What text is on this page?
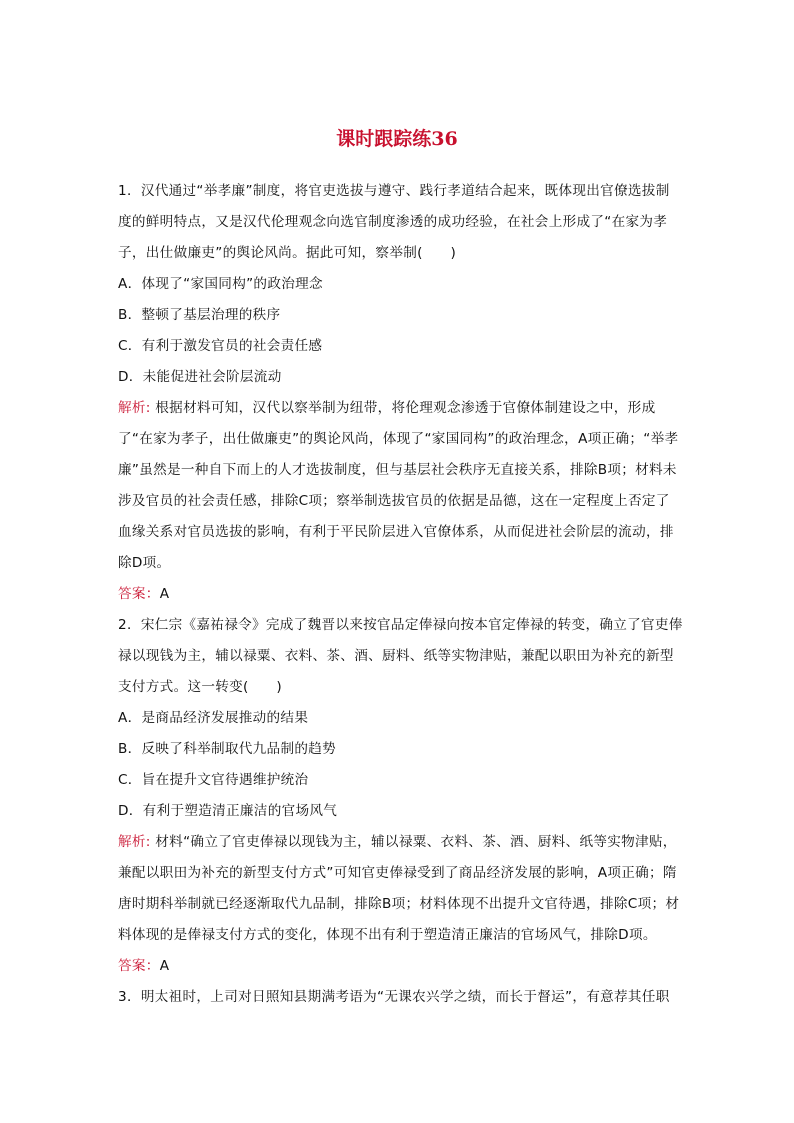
课时跟踪练36

1．汉代通过“举孝廉”制度，将官吏选拔与遵守、践行孝道结合起来，既体现出官僚选拔制度的鲜明特点，又是汉代伦理观念向选官制度渗透的成功经验，在社会上形成了“在家为孝子，出仕做廉吏”的舆论风尚。据此可知，察举制(　　)

A．体现了“家国同构”的政治理念

B．整顿了基层治理的秩序

C．有利于激发官员的社会责任感

D．未能促进社会阶层流动

解析: 根据材料可知，汉代以察举制为纽带，将伦理观念渗透于官僚体制建设之中，形成了“在家为孝子，出仕做廉吏”的舆论风尚，体现了“家国同构”的政治理念，A项正确；“举孝廉”虽然是一种自下而上的人才选拔制度，但与基层社会秩序无直接关系，排除B项；材料未涉及官员的社会责任感，排除C项；察举制选拔官员的依据是品德，这在一定程度上否定了血缘关系对官员选拔的影响，有利于平民阶层进入官僚体系，从而促进社会阶层的流动，排除D项。

答案：A

2．宋仁宗《嘉祐禄令》完成了魏晋以来按官品定俸禄向按本官定俸禄的转变，确立了官吏俸禄以现钱为主，辅以禄粟、衣料、茶、酒、厨料、纸等实物津贴，兼配以职田为补充的新型支付方式。这一转变(　　)

A．是商品经济发展推动的结果

B．反映了科举制取代九品制的趋势

C．旨在提升文官待遇维护统治

D．有利于塑造清正廉洁的官场风气

解析: 材料“确立了官吏俸禄以现钱为主，辅以禄粟、衣料、茶、酒、厨料、纸等实物津贴，兼配以职田为补充的新型支付方式”可知官吏俸禄受到了商品经济发展的影响，A项正确；隋唐时期科举制就已经逐渐取代九品制，排除B项；材料体现不出提升文官待遇，排除C项；材料体现的是俸禄支付方式的变化，体现不出有利于塑造清正廉洁的官场风气，排除D项。

答案：A

3．明太祖时，上司对日照知县期满考语为“无课农兴学之绩，而长于督运”，有意荐其任职
